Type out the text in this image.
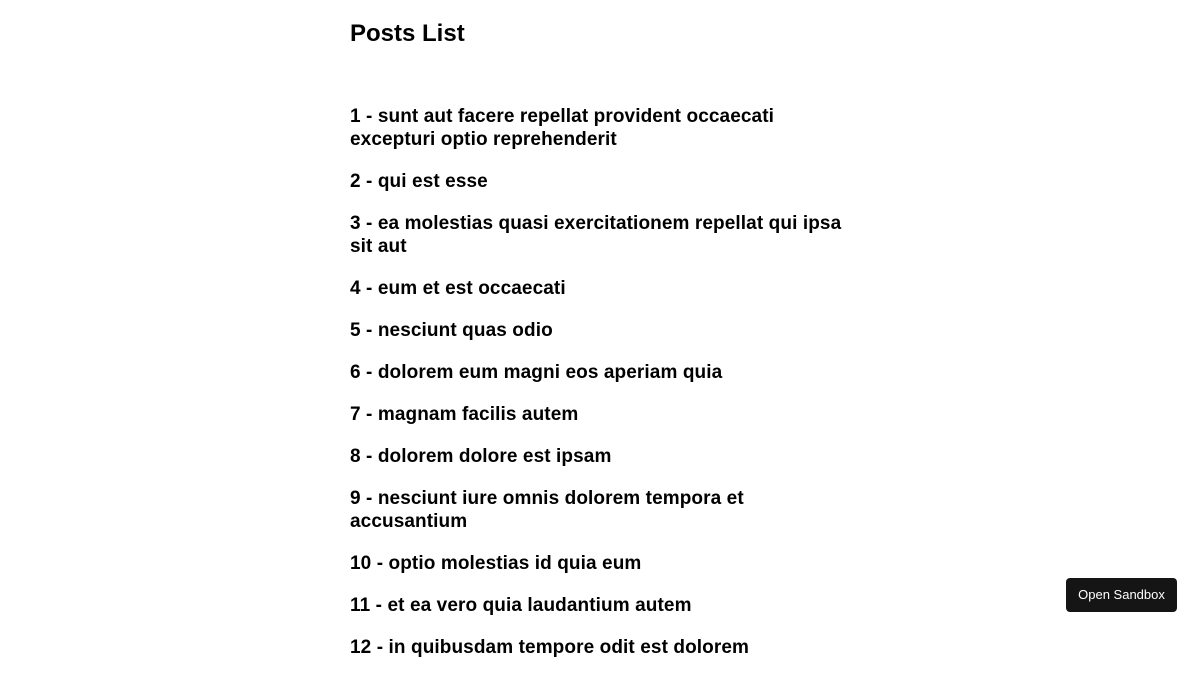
Posts List
1 - sunt aut facere repellat provident occaecati excepturi optio reprehenderit
2 - qui est esse
3 - ea molestias quasi exercitationem repellat qui ipsa sit aut
4 - eum et est occaecati
5 - nesciunt quas odio
6 - dolorem eum magni eos aperiam quia
7 - magnam facilis autem
8 - dolorem dolore est ipsam
9 - nesciunt iure omnis dolorem tempora et accusantium
10 - optio molestias id quia eum
11 - et ea vero quia laudantium autem
12 - in quibusdam tempore odit est dolorem
Open Sandbox
